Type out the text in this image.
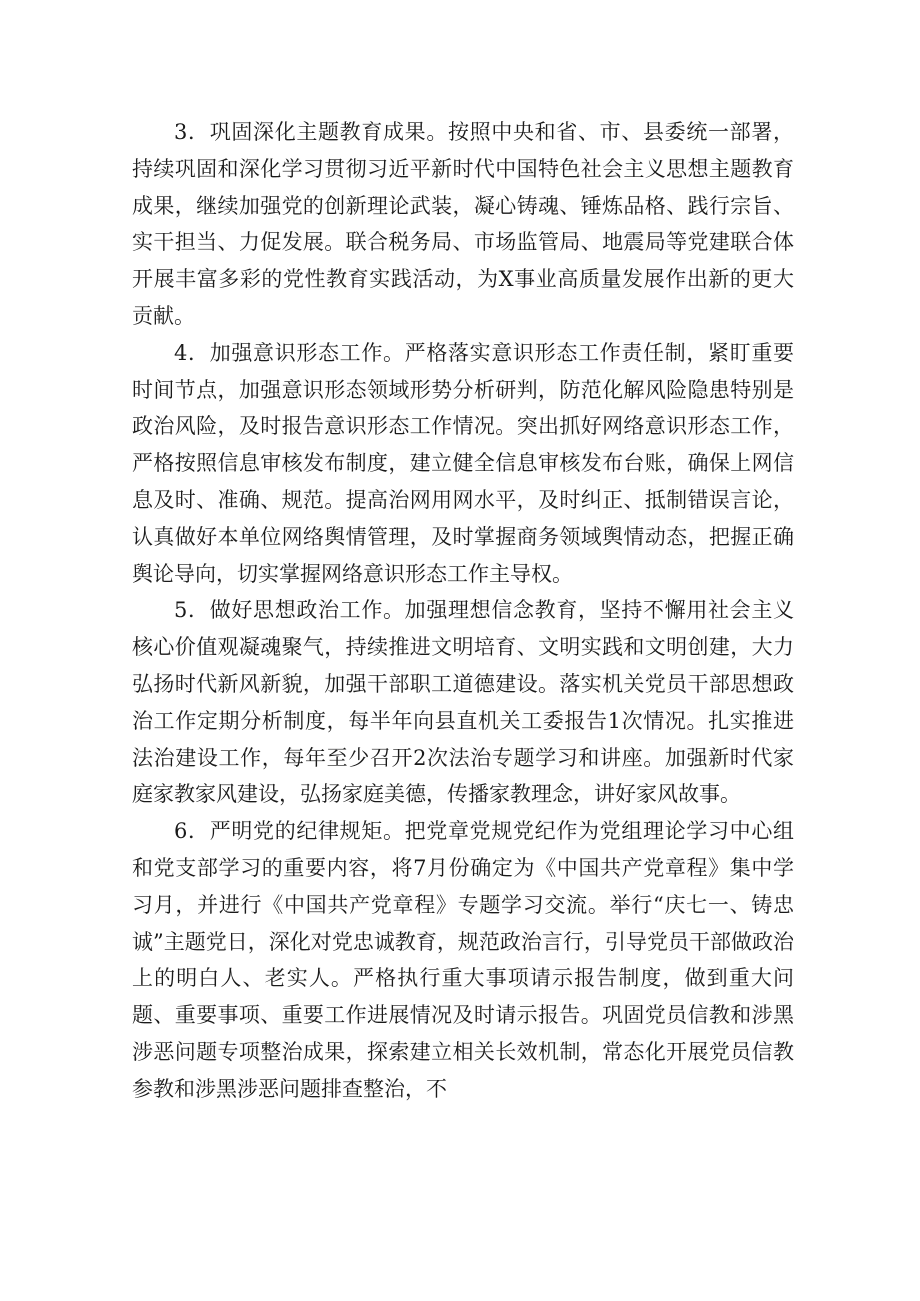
3．巩固深化主题教育成果。按照中央和省、市、县委统一部署，持续巩固和深化学习贯彻习近平新时代中国特色社会主义思想主题教育成果，继续加强党的创新理论武装，凝心铸魂、锤炼品格、践行宗旨、实干担当、力促发展。联合税务局、市场监管局、地震局等党建联合体开展丰富多彩的党性教育实践活动，为X事业高质量发展作出新的更大贡献。

4．加强意识形态工作。严格落实意识形态工作责任制，紧盯重要时间节点，加强意识形态领域形势分析研判，防范化解风险隐患特别是政治风险，及时报告意识形态工作情况。突出抓好网络意识形态工作，严格按照信息审核发布制度，建立健全信息审核发布台账，确保上网信息及时、准确、规范。提高治网用网水平，及时纠正、抵制错误言论，认真做好本单位网络舆情管理，及时掌握商务领域舆情动态，把握正确舆论导向，切实掌握网络意识形态工作主导权。

5．做好思想政治工作。加强理想信念教育，坚持不懈用社会主义核心价值观凝魂聚气，持续推进文明培育、文明实践和文明创建，大力弘扬时代新风新貌，加强干部职工道德建设。落实机关党员干部思想政治工作定期分析制度，每半年向县直机关工委报告1次情况。扎实推进法治建设工作，每年至少召开2次法治专题学习和讲座。加强新时代家庭家教家风建设，弘扬家庭美德，传播家教理念，讲好家风故事。

6．严明党的纪律规矩。把党章党规党纪作为党组理论学习中心组和党支部学习的重要内容，将7月份确定为《中国共产党章程》集中学习月，并进行《中国共产党章程》专题学习交流。举行“庆七一、铸忠诚”主题党日，深化对党忠诚教育，规范政治言行，引导党员干部做政治上的明白人、老实人。严格执行重大事项请示报告制度，做到重大问题、重要事项、重要工作进展情况及时请示报告。巩固党员信教和涉黑涉恶问题专项整治成果，探索建立相关长效机制，常态化开展党员信教参教和涉黑涉恶问题排查整治，不
